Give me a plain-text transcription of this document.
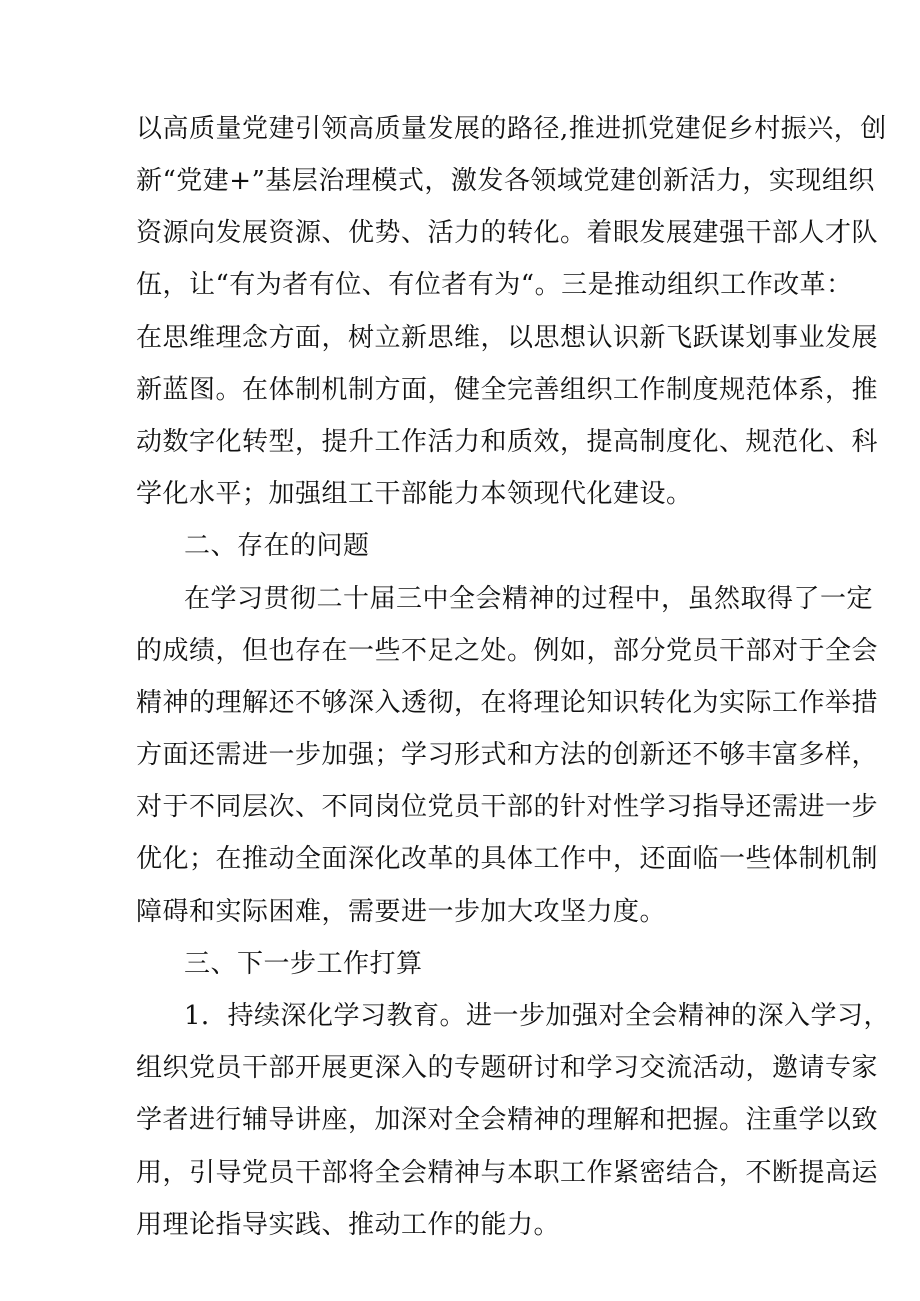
以高质量党建引领高质量发展的路径,推进抓党建促乡村振兴，创
新“党建+”基层治理模式，激发各领域党建创新活力，实现组织
资源向发展资源、优势、活力的转化。着眼发展建强干部人才队
伍，让“有为者有位、有位者有为“。三是推动组织工作改革：
在思维理念方面，树立新思维，以思想认识新飞跃谋划事业发展
新蓝图。在体制机制方面，健全完善组织工作制度规范体系，推
动数字化转型，提升工作活力和质效，提高制度化、规范化、科
学化水平；加强组工干部能力本领现代化建设。
二、存在的问题
在学习贯彻二十届三中全会精神的过程中，虽然取得了一定
的成绩，但也存在一些不足之处。例如，部分党员干部对于全会
精神的理解还不够深入透彻，在将理论知识转化为实际工作举措
方面还需进一步加强；学习形式和方法的创新还不够丰富多样，
对于不同层次、不同岗位党员干部的针对性学习指导还需进一步
优化；在推动全面深化改革的具体工作中，还面临一些体制机制
障碍和实际困难，需要进一步加大攻坚力度。
三、下一步工作打算
1．持续深化学习教育。进一步加强对全会精神的深入学习，
组织党员干部开展更深入的专题研讨和学习交流活动，邀请专家
学者进行辅导讲座，加深对全会精神的理解和把握。注重学以致
用，引导党员干部将全会精神与本职工作紧密结合，不断提高运
用理论指导实践、推动工作的能力。
